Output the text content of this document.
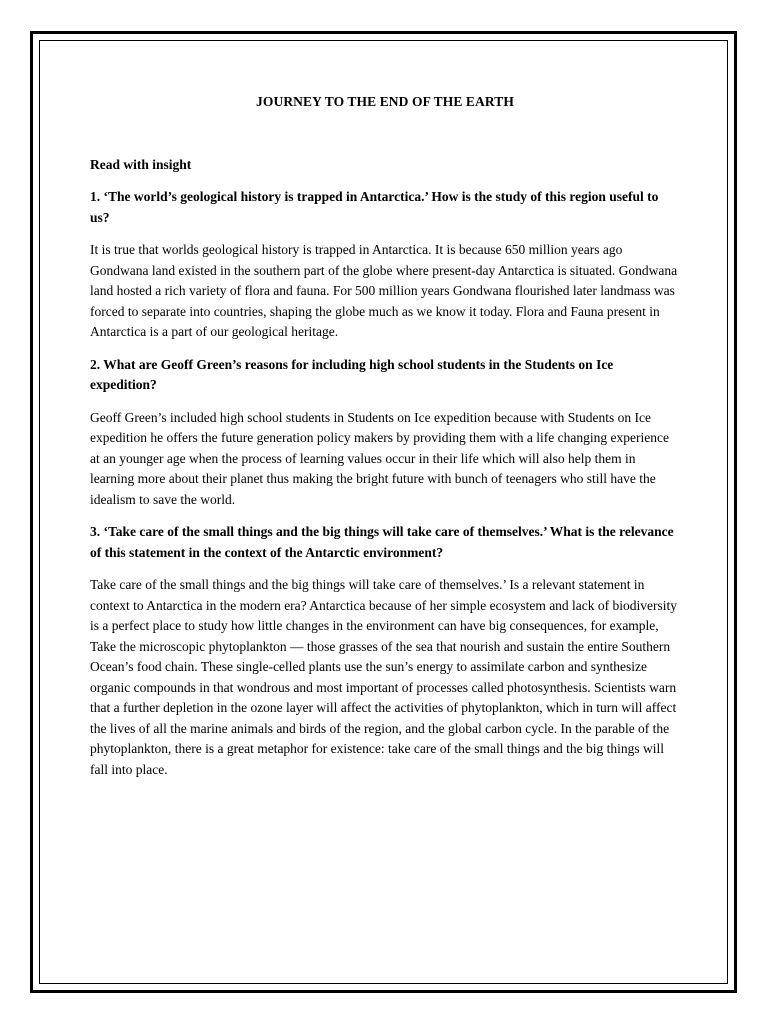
JOURNEY TO THE END OF THE EARTH

Read with insight

1. ‘The world’s geological history is trapped in Antarctica.’ How is the study of this region useful to us?

It is true that worlds geological history is trapped in Antarctica. It is because 650 million years ago Gondwana land existed in the southern part of the globe where present-day Antarctica is situated. Gondwana land hosted a rich variety of flora and fauna. For 500 million years Gondwana flourished later landmass was forced to separate into countries, shaping the globe much as we know it today. Flora and Fauna present in Antarctica is a part of our geological heritage.

2. What are Geoff Green’s reasons for including high school students in the Students on Ice expedition?

Geoff Green’s included high school students in Students on Ice expedition because with Students on Ice expedition he offers the future generation policy makers by providing them with a life changing experience at an younger age when the process of learning values occur in their life which will also help them in learning more about their planet thus making the bright future with bunch of teenagers who still have the idealism to save the world.

3. ‘Take care of the small things and the big things will take care of themselves.’ What is the relevance of this statement in the context of the Antarctic environment?

Take care of the small things and the big things will take care of themselves.’ Is a relevant statement in context to Antarctica in the modern era? Antarctica because of her simple ecosystem and lack of biodiversity is a perfect place to study how little changes in the environment can have big consequences, for example, Take the microscopic phytoplankton — those grasses of the sea that nourish and sustain the entire Southern Ocean’s food chain. These single-celled plants use the sun’s energy to assimilate carbon and synthesize organic compounds in that wondrous and most important of processes called photosynthesis. Scientists warn that a further depletion in the ozone layer will affect the activities of phytoplankton, which in turn will affect the lives of all the marine animals and birds of the region, and the global carbon cycle. In the parable of the phytoplankton, there is a great metaphor for existence: take care of the small things and the big things will fall into place.
